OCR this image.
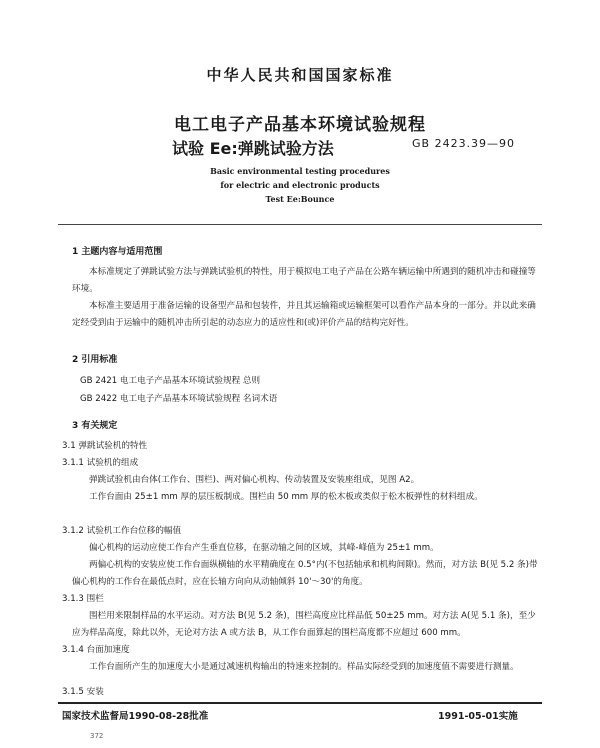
中华人民共和国国家标准
电工电子产品基本环境试验规程
试验 Ee:弹跳试验方法	GB 2423.39—90
Basic environmental testing procedures
for electric and electronic products
Test Ee:Bounce
1 主题内容与适用范围
本标准规定了弹跳试验方法与弹跳试验机的特性，用于模拟电工电子产品在公路车辆运输中所遇到的随机冲击和碰撞等环境。
本标准主要适用于准备运输的设备型产品和包装件，并且其运输箱或运输框架可以看作产品本身的一部分。并以此来确定经受到由于运输中的随机冲击所引起的动态应力的适应性和(或)评价产品的结构完好性。
2 引用标准
GB 2421 电工电子产品基本环境试验规程 总则
GB 2422 电工电子产品基本环境试验规程 名词术语
3 有关规定
3.1 弹跳试验机的特性
3.1.1 试验机的组成
弹跳试验机由台体(工作台、围栏)、两对偏心机构、传动装置及安装座组成，见图 A2。
工作台面由 25±1 mm 厚的层压板制成。围栏由 50 mm 厚的松木板或类似于松木板弹性的材料组成。
3.1.2 试验机工作台位移的幅值
偏心机构的运动应使工作台产生垂直位移，在驱动轴之间的区域，其峰-峰值为 25±1 mm。
两偏心机构的安装应使工作台面纵横轴的水平精确度在 0.5°内(不包括轴承和机构间隙)。然而，对方法 B(见 5.2 条)带偏心机构的工作台在最低点时，应在长轴方向向从动轴倾斜 10'～30'的角度。
3.1.3 围栏
围栏用来限制样品的水平运动。对方法 B(见 5.2 条)，围栏高度应比样品低 50±25 mm。对方法 A(见 5.1 条)，至少应为样品高度，除此以外，无论对方法 A 或方法 B，从工作台面算起的围栏高度都不应超过 600 mm。
3.1.4 台面加速度
工作台面所产生的加速度大小是通过减速机构输出的特速来控制的。样品实际经受到的加速度值不需要进行测量。
3.1.5 安装
国家技术监督局1990-08-28批准	1991-05-01实施
372
